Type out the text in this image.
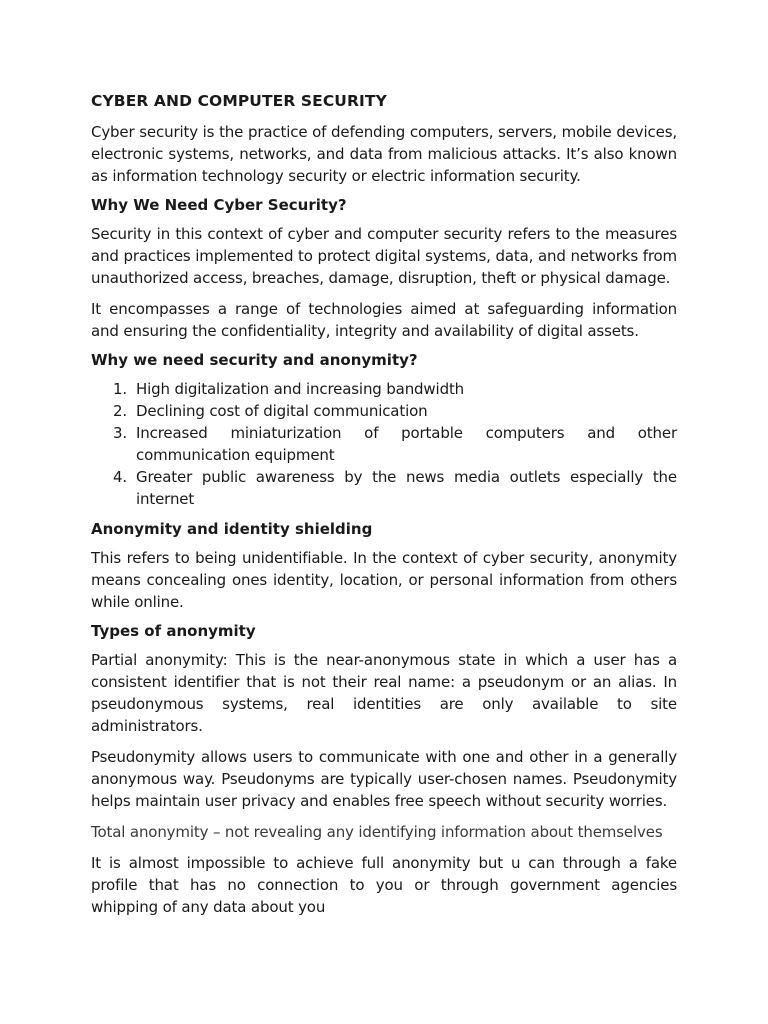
CYBER AND COMPUTER SECURITY

Cyber security is the practice of defending computers, servers, mobile devices, electronic systems, networks, and data from malicious attacks. It’s also known as information technology security or electric information security.

Why We Need Cyber Security?

Security in this context of cyber and computer security refers to the measures and practices implemented to protect digital systems, data, and networks from unauthorized access, breaches, damage, disruption, theft or physical damage.

It encompasses a range of technologies aimed at safeguarding information and ensuring the confidentiality, integrity and availability of digital assets.

Why we need security and anonymity?
1. High digitalization and increasing bandwidth
2. Declining cost of digital communication
3. Increased miniaturization of portable computers and other communication equipment
4. Greater public awareness by the news media outlets especially the internet
Anonymity and identity shielding

This refers to being unidentifiable. In the context of cyber security, anonymity means concealing ones identity, location, or personal information from others while online.

Types of anonymity

Partial anonymity: This is the near-anonymous state in which a user has a consistent identifier that is not their real name: a pseudonym or an alias. In pseudonymous systems, real identities are only available to site administrators.

Pseudonymity allows users to communicate with one and other in a generally anonymous way. Pseudonyms are typically user-chosen names. Pseudonymity helps maintain user privacy and enables free speech without security worries.

Total anonymity – not revealing any identifying information about themselves

It is almost impossible to achieve full anonymity but u can through a fake profile that has no connection to you or through government agencies whipping of any data about you
